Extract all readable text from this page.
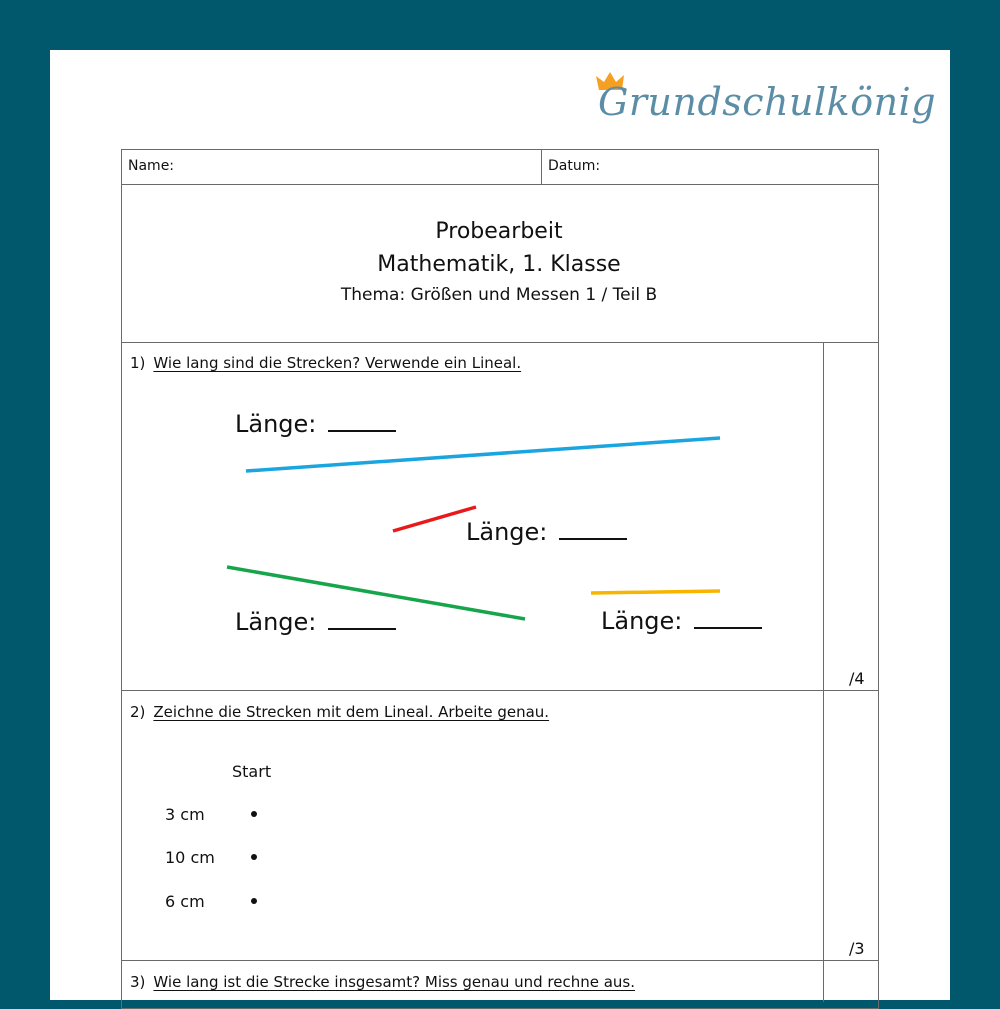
Grundschulkönig
Name:	Datum:
Probearbeit
Mathematik, 1. Klasse
Thema: Größen und Messen 1 / Teil B
1) Wie lang sind die Strecken? Verwende ein Lineal.
Länge:
Länge:
Länge:	Länge:
/4
2) Zeichne die Strecken mit dem Lineal. Arbeite genau.
Start
3 cm
10 cm
6 cm
/3
3) Wie lang ist die Strecke insgesamt? Miss genau und rechne aus.
